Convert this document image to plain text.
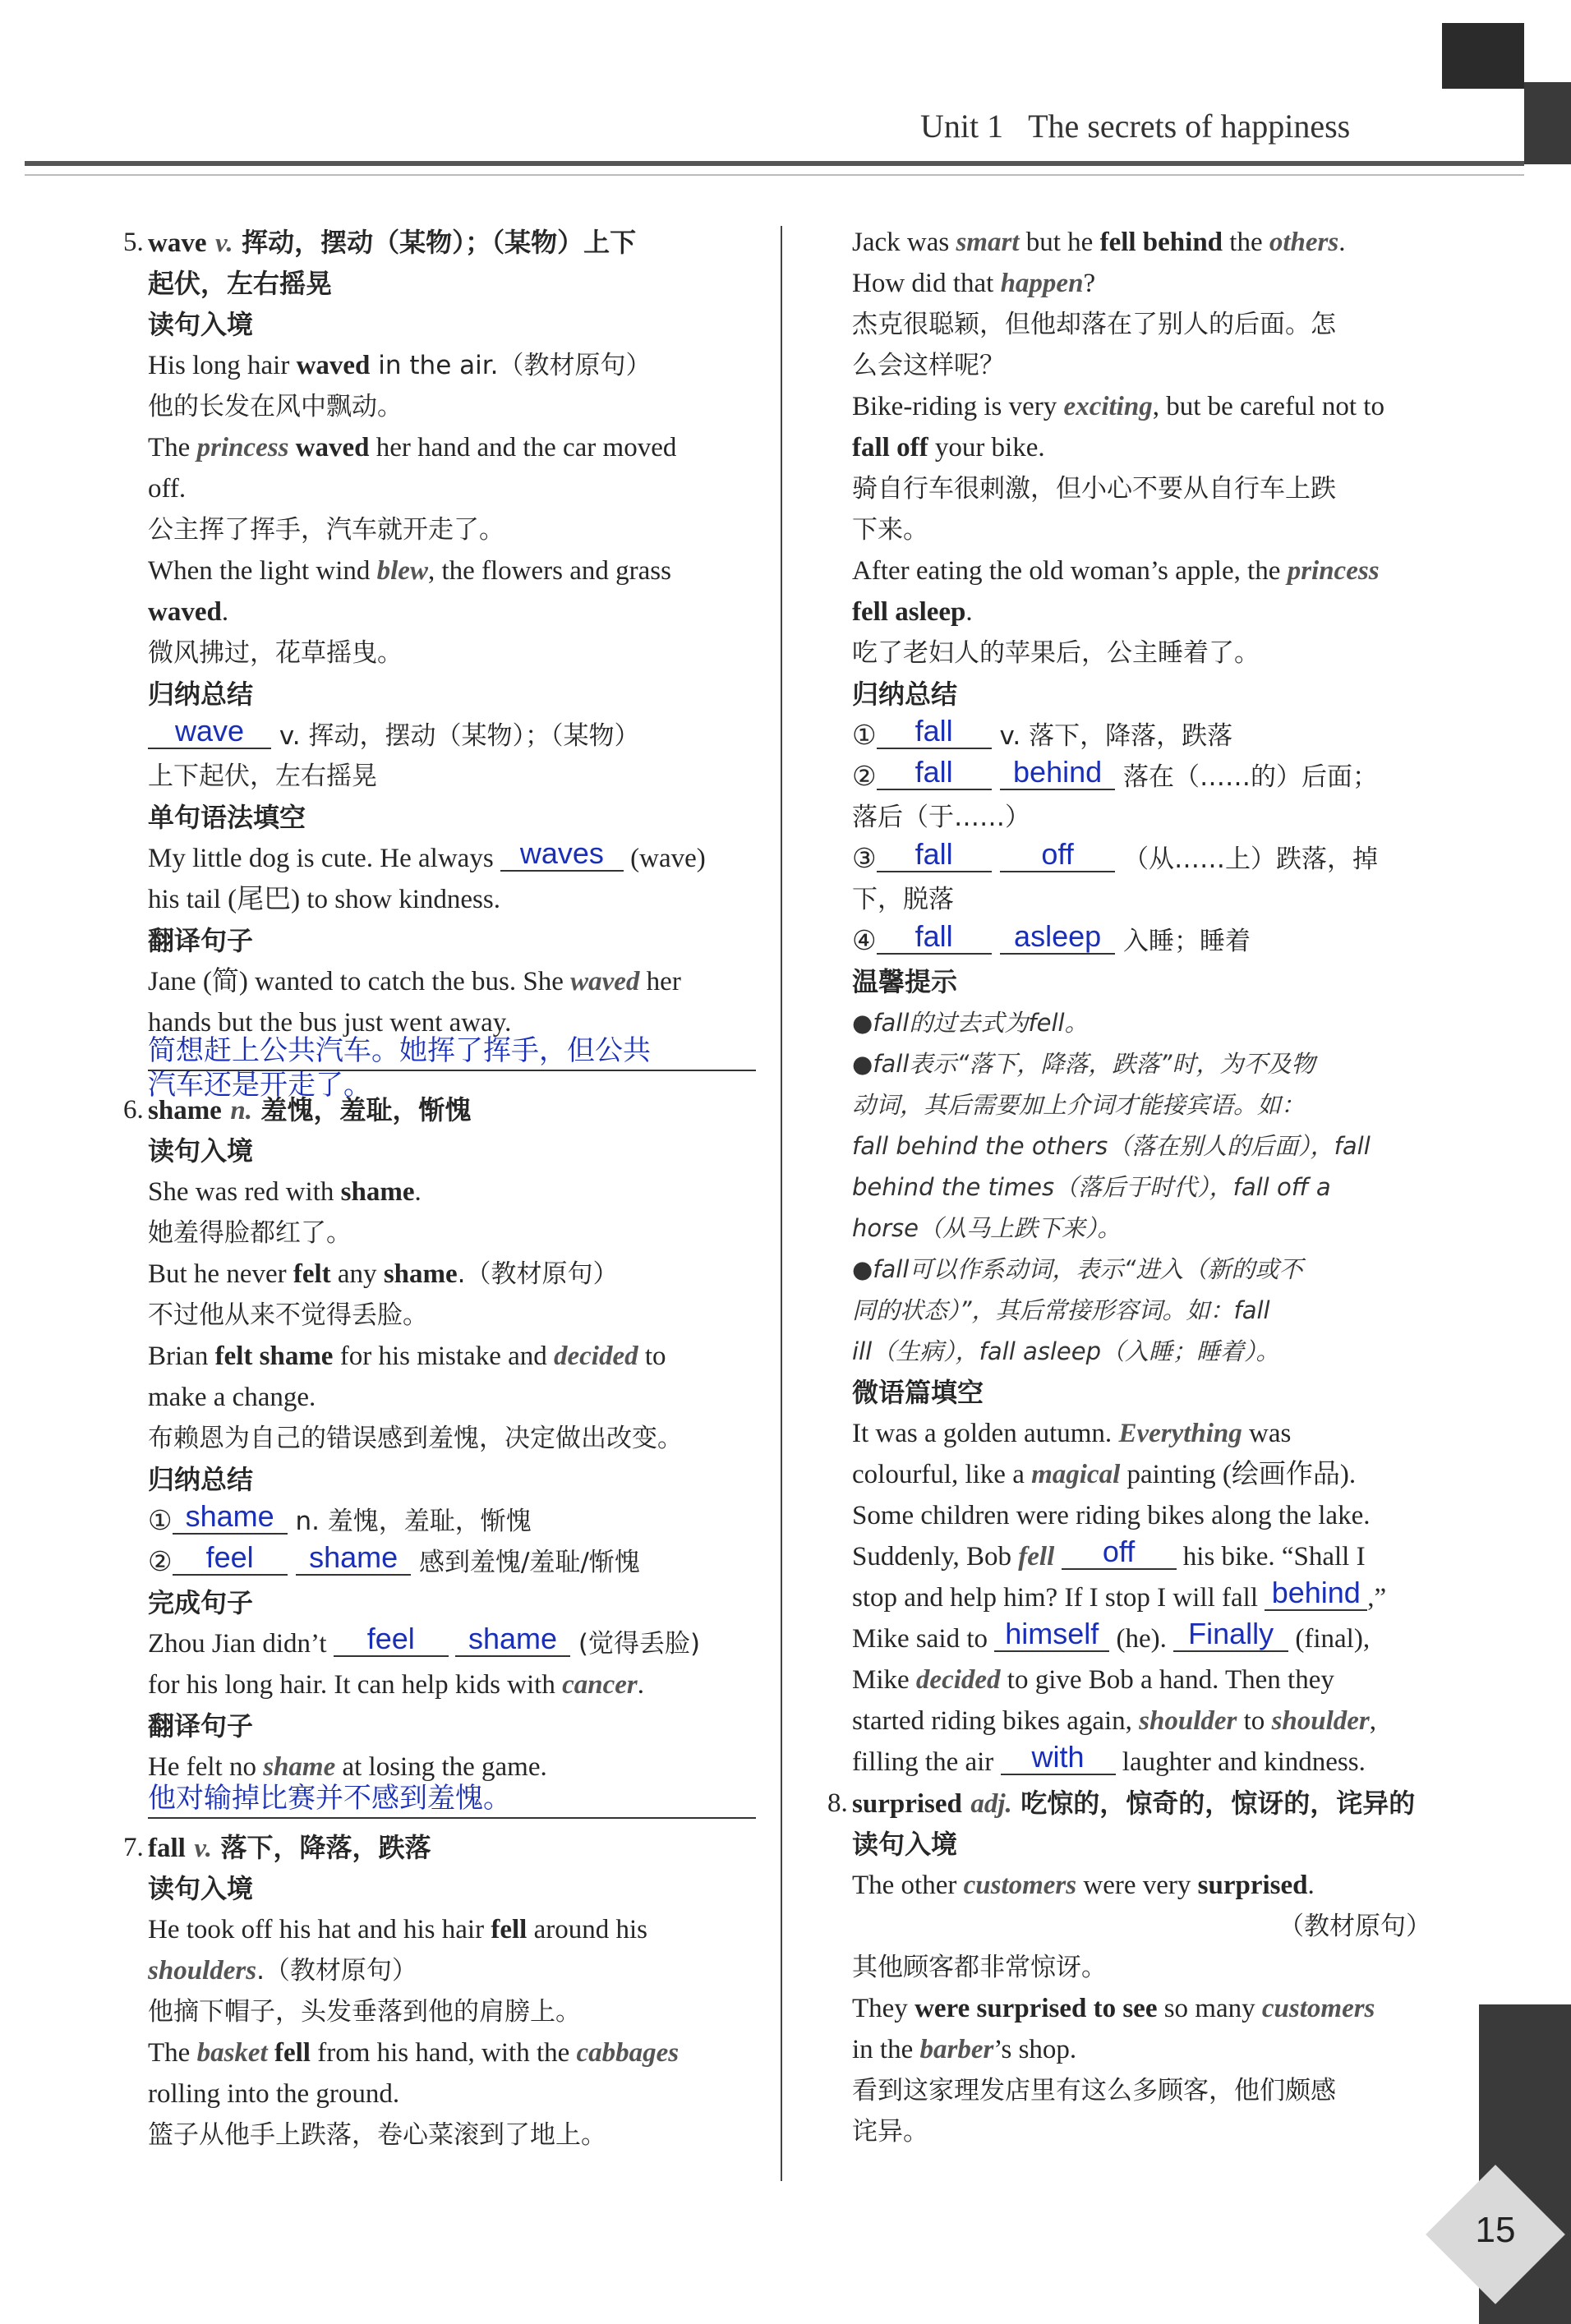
Unit 1 The secrets of happiness
5. wave v. 挥动，摆动（某物）；（某物）上下
起伏，左右摇晃
读句入境
His long hair waved in the air.（教材原句）
他的长发在风中飘动。
The princess waved her hand and the car moved
off.
公主挥了挥手，汽车就开走了。
When the light wind blew, the flowers and grass
waved.
微风拂过，花草摇曳。
归纳总结
wave v. 挥动，摆动（某物）；（某物）
上下起伏，左右摇晃
单句语法填空
My little dog is cute. He always waves (wave)
his tail (尾巴) to show kindness.
翻译句子
Jane (简) wanted to catch the bus. She waved her
hands but the bus just went away.
简想赶上公共汽车。她挥了挥手，但公共
汽车还是开走了。
6. shame n. 羞愧，羞耻，惭愧
读句入境
She was red with shame.
她羞得脸都红了。
But he never felt any shame.（教材原句）
不过他从来不觉得丢脸。
Brian felt shame for his mistake and decided to
make a change.
布赖恩为自己的错误感到羞愧，决定做出改变。
归纳总结
① shame n. 羞愧，羞耻，惭愧
② feel shame 感到羞愧/羞耻/惭愧
完成句子
Zhou Jian didn’t feel shame (觉得丢脸)
for his long hair. It can help kids with cancer.
翻译句子
He felt no shame at losing the game.
他对输掉比赛并不感到羞愧。
7. fall v. 落下，降落，跌落
读句入境
He took off his hat and his hair fell around his
shoulders.（教材原句）
他摘下帽子，头发垂落到他的肩膀上。
The basket fell from his hand, with the cabbages
rolling into the ground.
篮子从他手上跌落，卷心菜滚到了地上。
Jack was smart but he fell behind the others.
How did that happen?
杰克很聪颖，但他却落在了别人的后面。怎
么会这样呢？
Bike-riding is very exciting, but be careful not to
fall off your bike.
骑自行车很刺激，但小心不要从自行车上跌
下来。
After eating the old woman’s apple, the princess
fell asleep.
吃了老妇人的苹果后，公主睡着了。
归纳总结
① fall v. 落下，降落，跌落
② fall behind 落在（……的）后面；
落后（于……）
③ fall	off （从……上）跌落，掉
下，脱落
④ fall asleep 入睡；睡着
温馨提示
●fall的过去式为fell。
●fall表示“落下，降落，跌落”时，为不及物
动词，其后需要加上介词才能接宾语。如：
fall behind the others（落在别人的后面），fall
behind the times（落后于时代），fall off a
horse（从马上跌下来）。
●fall可以作系动词，表示“进入（新的或不
同的状态）”，其后常接形容词。如：fall
ill（生病），fall asleep（入睡；睡着）。
微语篇填空
It was a golden autumn. Everything was
colourful, like a magical painting (绘画作品).
Some children were riding bikes along the lake.
Suddenly, Bob fell off his bike. “Shall I
stop and help him? If I stop I will fall behind ,”
Mike said to himself (he). Finally (final),
Mike decided to give Bob a hand. Then they
started riding bikes again, shoulder to shoulder,
filling the air with laughter and kindness.
8. surprised adj. 吃惊的，惊奇的，惊讶的，诧异的
读句入境
The other customers were very surprised.
（教材原句）
其他顾客都非常惊讶。
They were surprised to see so many customers
in the barber’s shop.
看到这家理发店里有这么多顾客，他们颇感
诧异。
15
